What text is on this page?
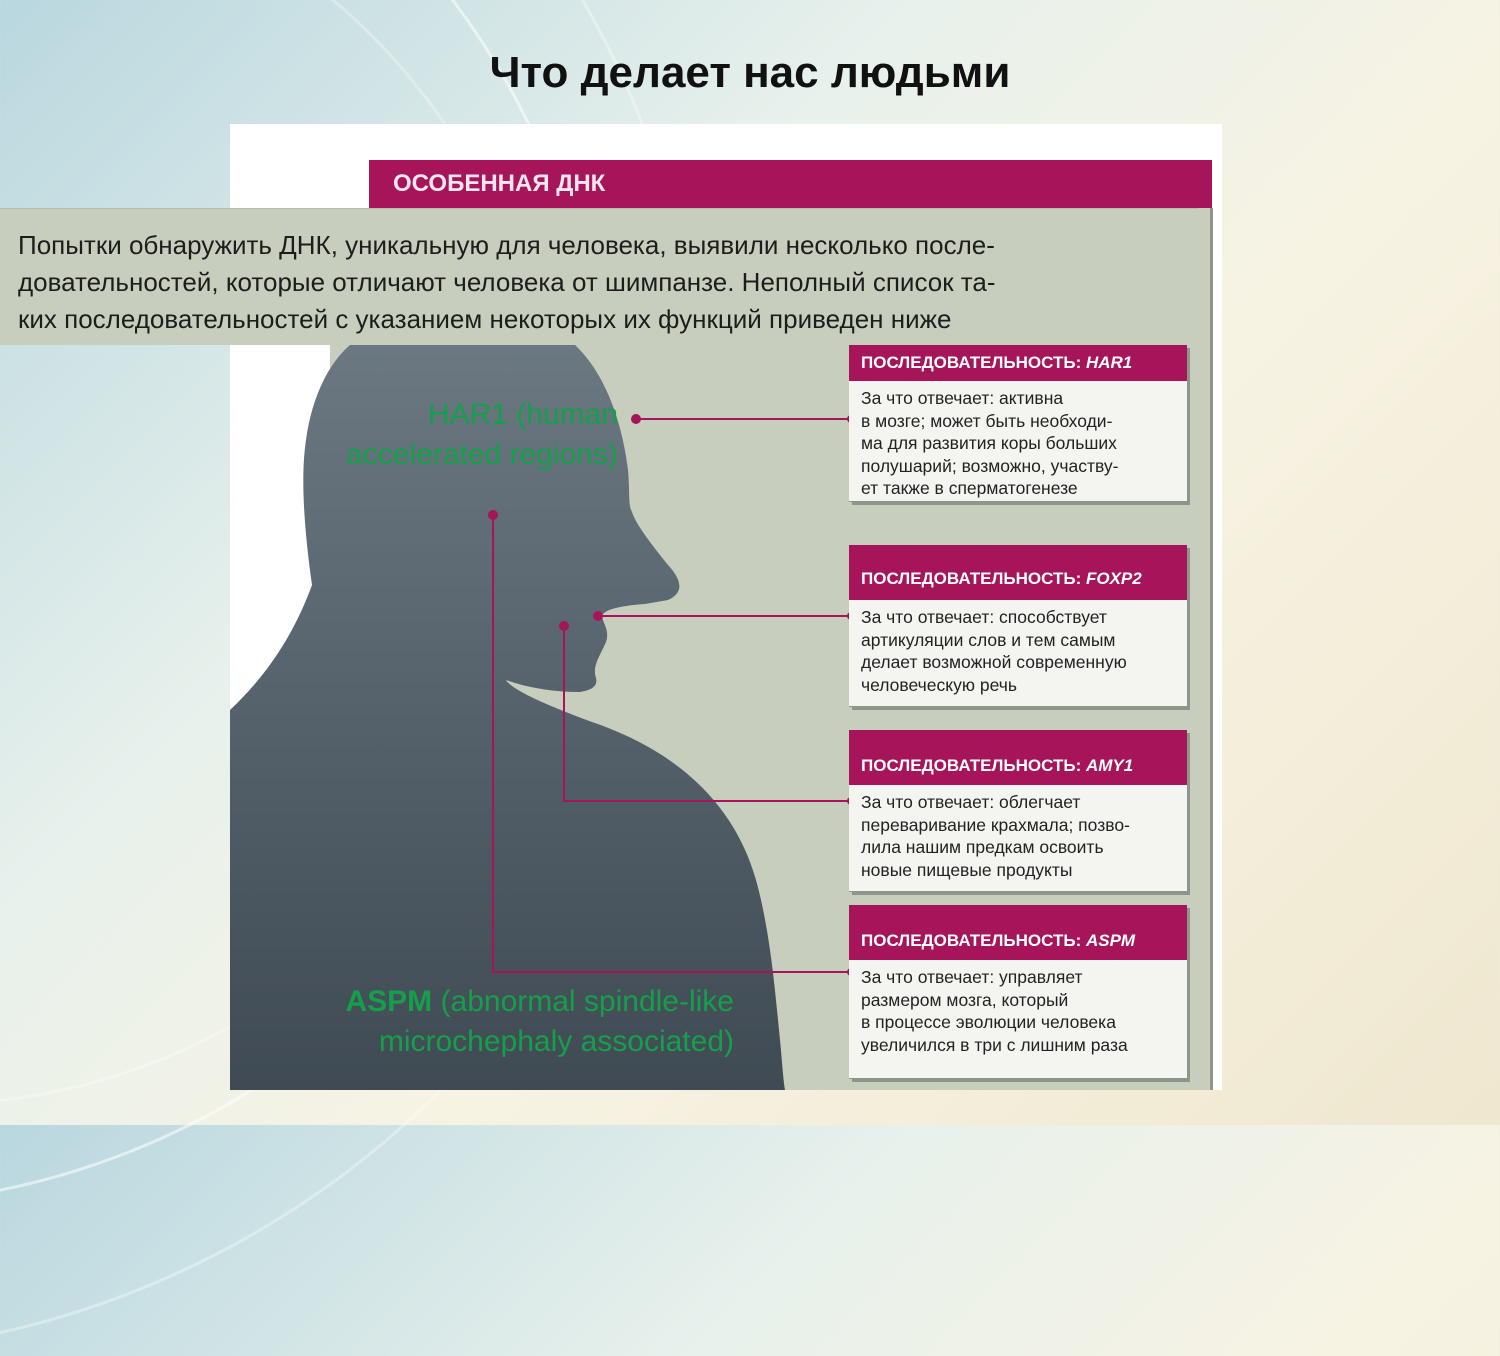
Что делает нас людьми
ОСОБЕННАЯ ДНК
Попытки обнаружить ДНК, уникальную для человека, выявили несколько после-
довательностей, которые отличают человека от шимпанзе. Неполный список та-
ких последовательностей с указанием некоторых их функций приведен ниже
HAR1 (human
accelerated regions)
ASPM (abnormal spindle-like
microchephaly associated)
ПОСЛЕДОВАТЕЛЬНОСТЬ: HAR1
За что отвечает: активна
в мозге; может быть необходи-
ма для развития коры больших
полушарий; возможно, участву-
ет также в сперматогенезе
ПОСЛЕДОВАТЕЛЬНОСТЬ: FOXP2
За что отвечает: способствует
артикуляции слов и тем самым
делает возможной современную
человеческую речь
ПОСЛЕДОВАТЕЛЬНОСТЬ: AMY1
За что отвечает: облегчает
переваривание крахмала; позво-
лила нашим предкам освоить
новые пищевые продукты
ПОСЛЕДОВАТЕЛЬНОСТЬ: ASPM
За что отвечает: управляет
размером мозга, который
в процессе эволюции человека
увеличился в три с лишним раза
